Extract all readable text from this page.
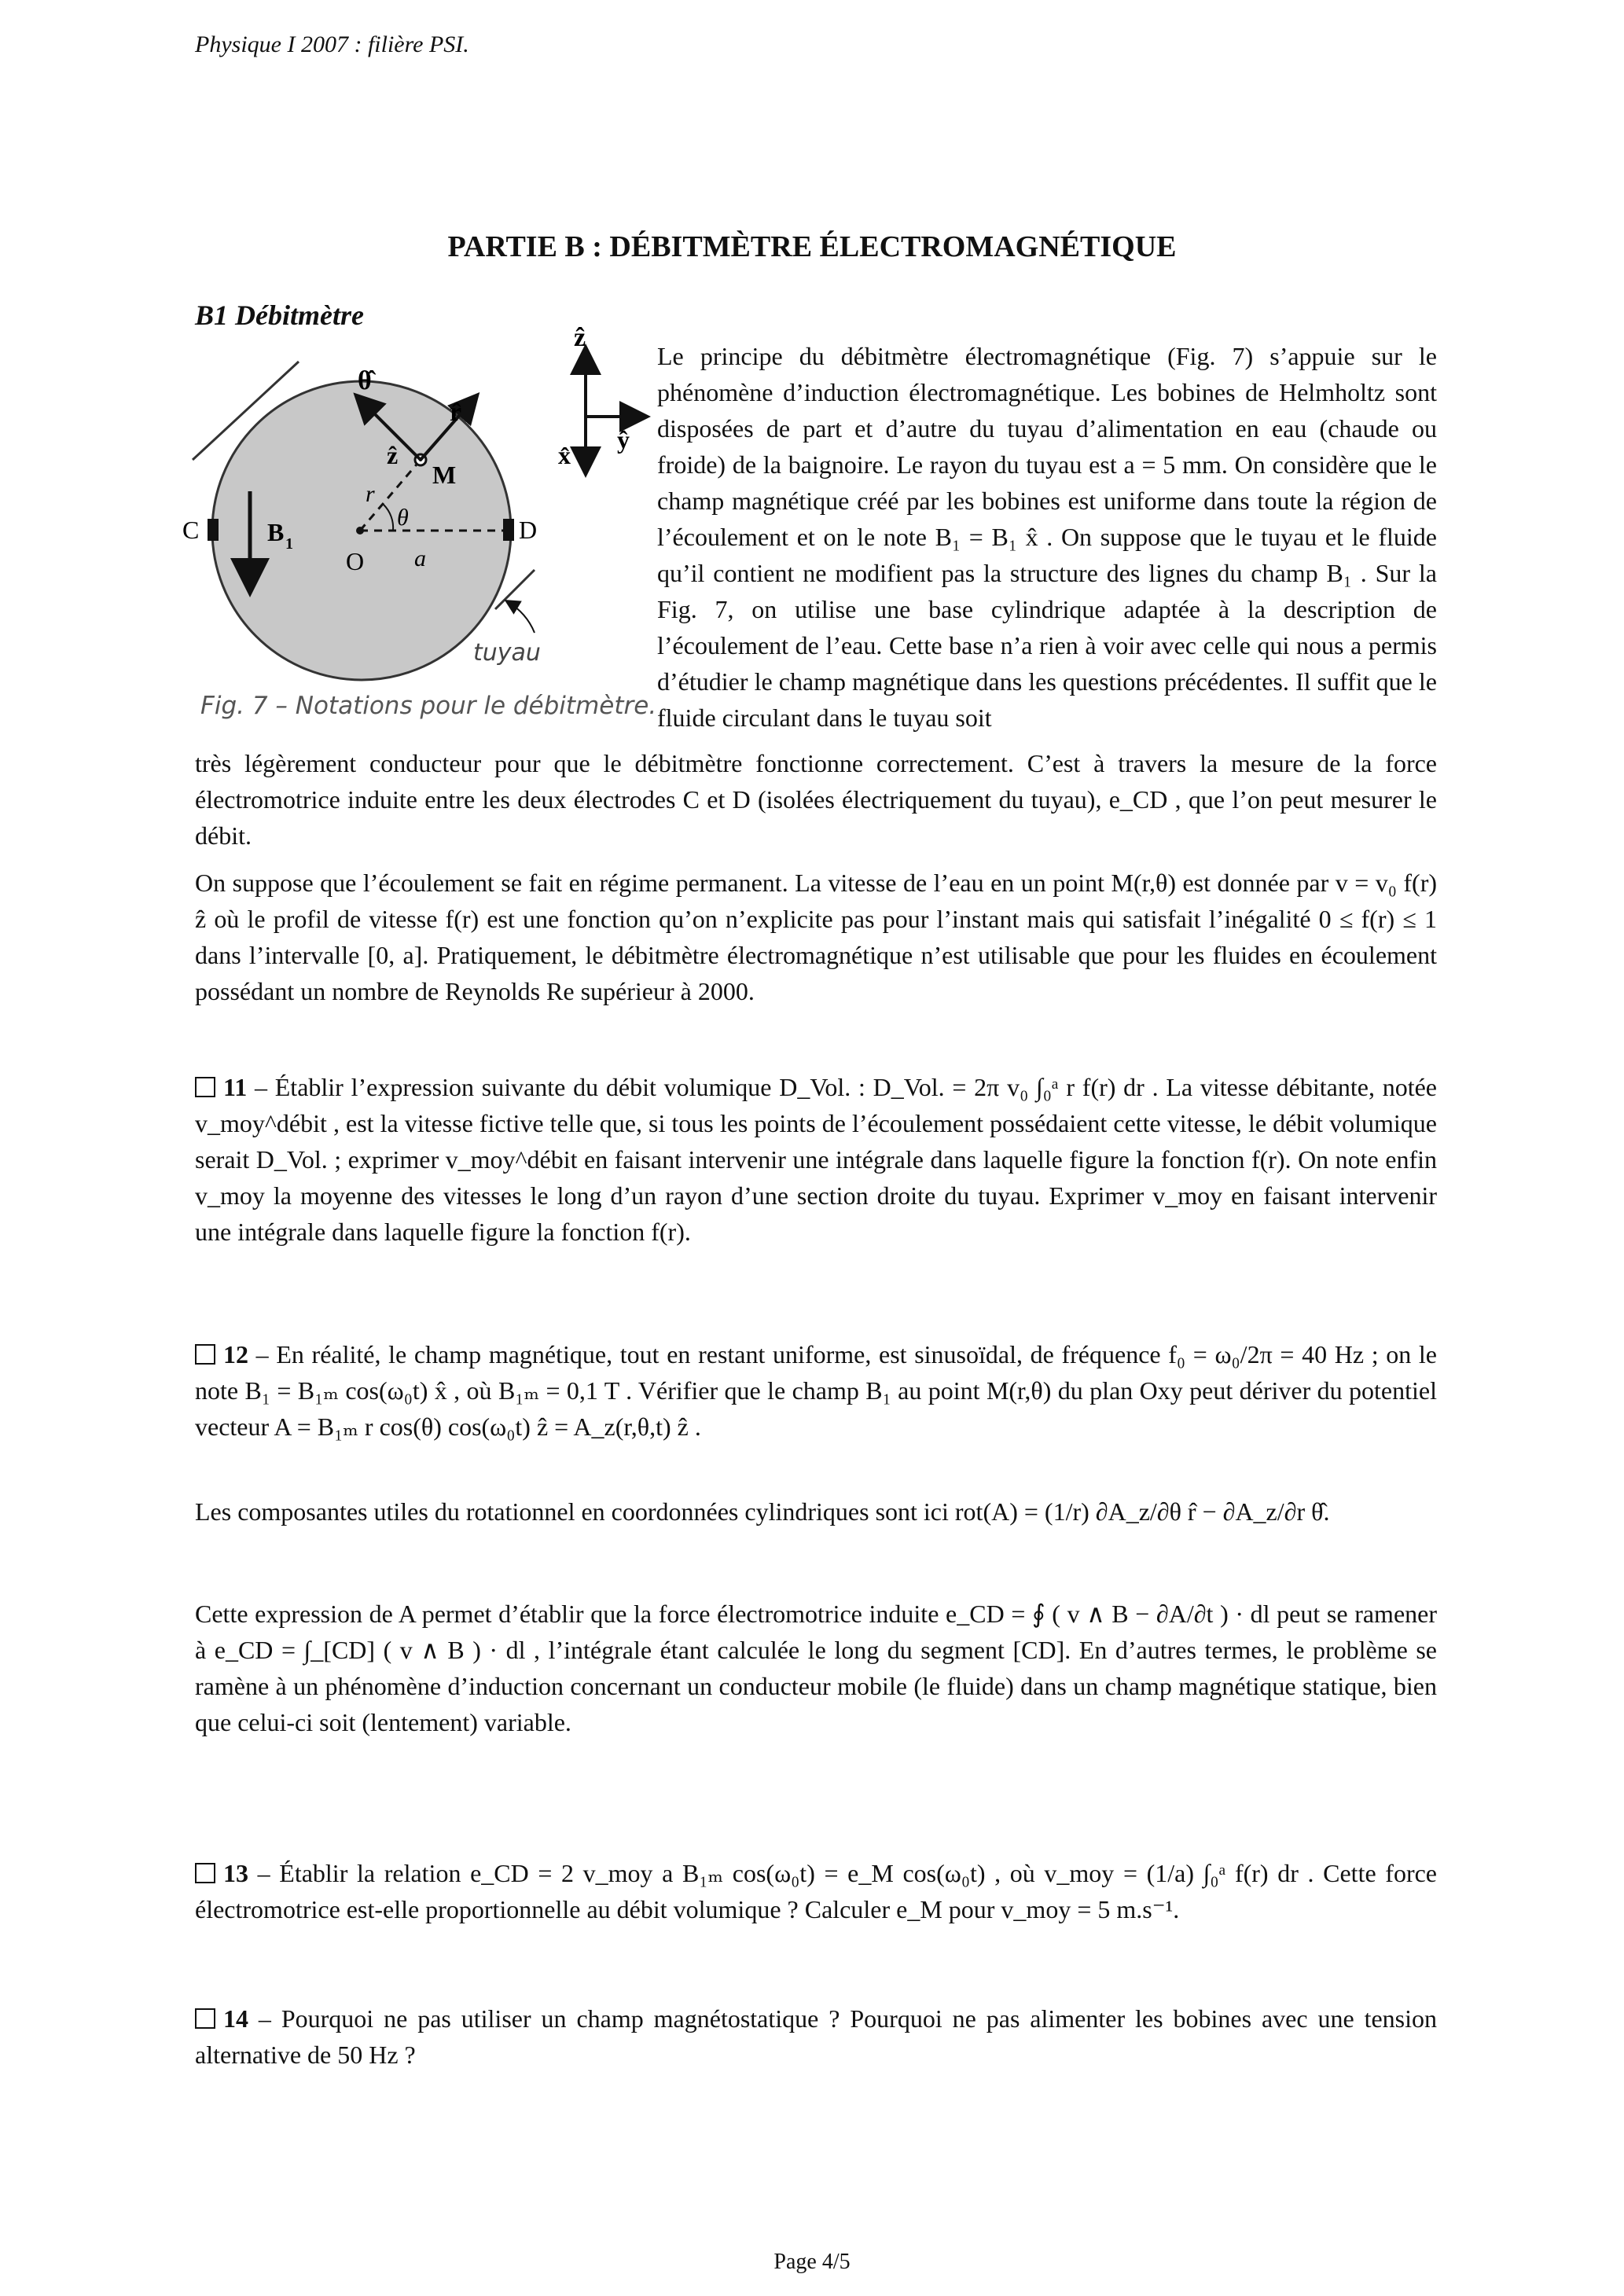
Physique I 2007 : filière PSI.
PARTIE B : DÉBITMÈTRE ÉLECTROMAGNÉTIQUE
B1 Débitmètre
θ̂
ẑ
r̂
ẑ
M
x̂
ŷ
C	D
B 1
r
θ
O a
tuyau
Fig. 7 – Notations pour le débitmètre.
Le principe du débitmètre électromagnétique (Fig. 7) s’appuie sur le phénomène d’induction électromagnétique. Les bobines de Helmholtz sont disposées de part et d’autre du tuyau d’alimentation en eau (chaude ou froide) de la baignoire. Le rayon du tuyau est a = 5 mm. On considère que le champ magnétique créé par les bobines est uniforme dans toute la région de l’écoulement et on le note B₁ = B₁ x̂ . On suppose que le tuyau et le fluide qu’il contient ne modifient pas la structure des lignes du champ B₁ . Sur la Fig. 7, on utilise une base cylindrique adaptée à la description de l’écoulement de l’eau. Cette base n’a rien à voir avec celle qui nous a permis d’étudier le champ magnétique dans les questions précédentes. Il suffit que le fluide circulant dans le tuyau soit
très légèrement conducteur pour que le débitmètre fonctionne correctement. C’est à travers la mesure de la force électromotrice induite entre les deux électrodes C et D (isolées électriquement du tuyau), e_CD , que l’on peut mesurer le débit.
On suppose que l’écoulement se fait en régime permanent. La vitesse de l’eau en un point M(r,θ) est donnée par v = v₀ f(r) ẑ où le profil de vitesse f(r) est une fonction qu’on n’explicite pas pour l’instant mais qui satisfait l’inégalité 0 ≤ f(r) ≤ 1 dans l’intervalle [0, a]. Pratiquement, le débitmètre électromagnétique n’est utilisable que pour les fluides en écoulement possédant un nombre de Reynolds Re supérieur à 2000.
11 – Établir l’expression suivante du débit volumique D_Vol. : D_Vol. = 2π v₀ ∫₀ᵃ r f(r) dr . La vitesse débitante, notée v_moy^débit , est la vitesse fictive telle que, si tous les points de l’écoulement possédaient cette vitesse, le débit volumique serait D_Vol. ; exprimer v_moy^débit en faisant intervenir une intégrale dans laquelle figure la fonction f(r). On note enfin v_moy la moyenne des vitesses le long d’un rayon d’une section droite du tuyau. Exprimer v_moy en faisant intervenir une intégrale dans laquelle figure la fonction f(r).
12 – En réalité, le champ magnétique, tout en restant uniforme, est sinusoïdal, de fréquence f₀ = ω₀/2π = 40 Hz ; on le note B₁ = B₁ₘ cos(ω₀t) x̂ , où B₁ₘ = 0,1 T . Vérifier que le champ B₁ au point M(r,θ) du plan Oxy peut dériver du potentiel vecteur A = B₁ₘ r cos(θ) cos(ω₀t) ẑ = A_z(r,θ,t) ẑ .
Les composantes utiles du rotationnel en coordonnées cylindriques sont ici rot(A) = (1/r) ∂A_z/∂θ r̂ − ∂A_z/∂r θ̂.
Cette expression de A permet d’établir que la force électromotrice induite e_CD = ∮ ( v ∧ B − ∂A/∂t ) · dl peut se ramener à e_CD = ∫_[CD] ( v ∧ B ) · dl , l’intégrale étant calculée le long du segment [CD]. En d’autres termes, le problème se ramène à un phénomène d’induction concernant un conducteur mobile (le fluide) dans un champ magnétique statique, bien que celui-ci soit (lentement) variable.
13 – Établir la relation e_CD = 2 v_moy a B₁ₘ cos(ω₀t) = e_M cos(ω₀t) , où v_moy = (1/a) ∫₀ᵃ f(r) dr . Cette force électromotrice est-elle proportionnelle au débit volumique ? Calculer e_M pour v_moy = 5 m.s⁻¹.
14 – Pourquoi ne pas utiliser un champ magnétostatique ? Pourquoi ne pas alimenter les bobines avec une tension alternative de 50 Hz ?
Page 4/5
